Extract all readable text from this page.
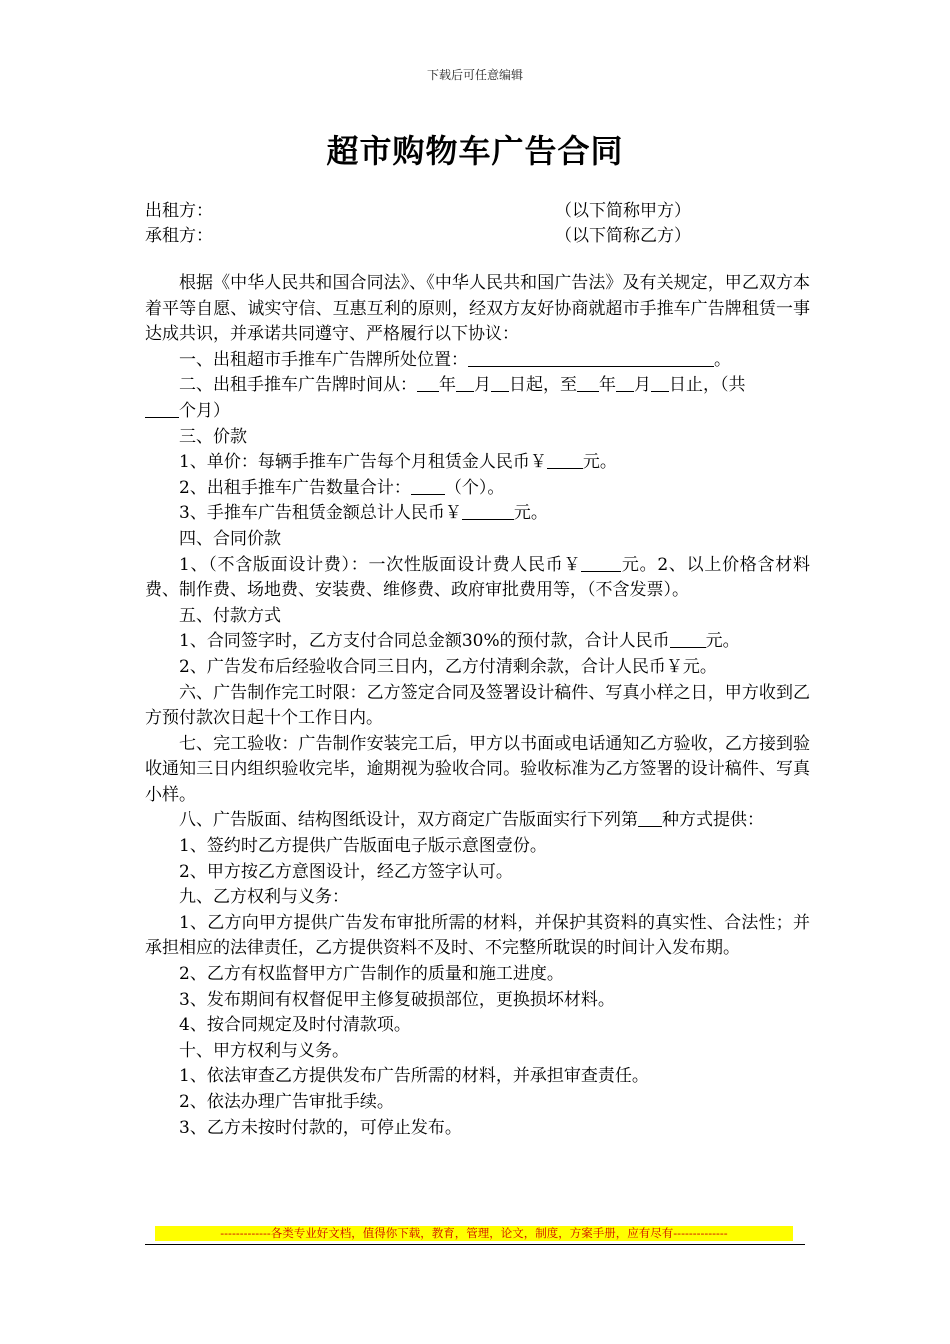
下载后可任意编辑
超市购物车广告合同
出租方：	（以下简称甲方）
承租方：	（以下简称乙方）

根据《中华人民共和国合同法》、《中华人民共和国广告法》及有关规定，甲乙双方本着平等自愿、诚实守信、互惠互利的原则，经双方友好协商就超市手推车广告牌租赁一事达成共识，并承诺共同遵守、严格履行以下协议：

一、出租超市手推车广告牌所处位置：	。

二、出租手推车广告牌时间从： 年 月 日起，至 年 月 日止，（共
个月）

三、价款

1、单价：每辆手推车广告每个月租赁金人民币￥ 元。

2、出租手推车广告数量合计： （个）。

3、手推车广告租赁金额总计人民币￥	元。

四、合同价款

1、（不含版面设计费）：一次性版面设计费人民币￥ 元。2、以上价格含材料费、制作费、场地费、安装费、维修费、政府审批费用等，（不含发票）。

五、付款方式

1、合同签字时，乙方支付合同总金额30%的预付款，合计人民币 元。

2、广告发布后经验收合同三日内，乙方付清剩余款，合计人民币￥元。

六、广告制作完工时限：乙方签定合同及签署设计稿件、写真小样之日，甲方收到乙方预付款次日起十个工作日内。

七、完工验收：广告制作安装完工后，甲方以书面或电话通知乙方验收，乙方接到验收通知三日内组织验收完毕，逾期视为验收合同。验收标准为乙方签署的设计稿件、写真小样。

八、广告版面、结构图纸设计，双方商定广告版面实行下列第 种方式提供：

1、签约时乙方提供广告版面电子版示意图壹份。

2、甲方按乙方意图设计，经乙方签字认可。

九、乙方权利与义务：

1、乙方向甲方提供广告发布审批所需的材料，并保护其资料的真实性、合法性；并承担相应的法律责任，乙方提供资料不及时、不完整所耽误的时间计入发布期。

2、乙方有权监督甲方广告制作的质量和施工进度。

3、发布期间有权督促甲主修复破损部位，更换损坏材料。

4、按合同规定及时付清款项。

十、甲方权利与义务。

1、依法审查乙方提供发布广告所需的材料，并承担审查责任。

2、依法办理广告审批手续。

3、乙方未按时付款的，可停止发布。

-------------各类专业好文档，值得你下载，教育，管理，论文，制度，方案手册，应有尽有--------------
